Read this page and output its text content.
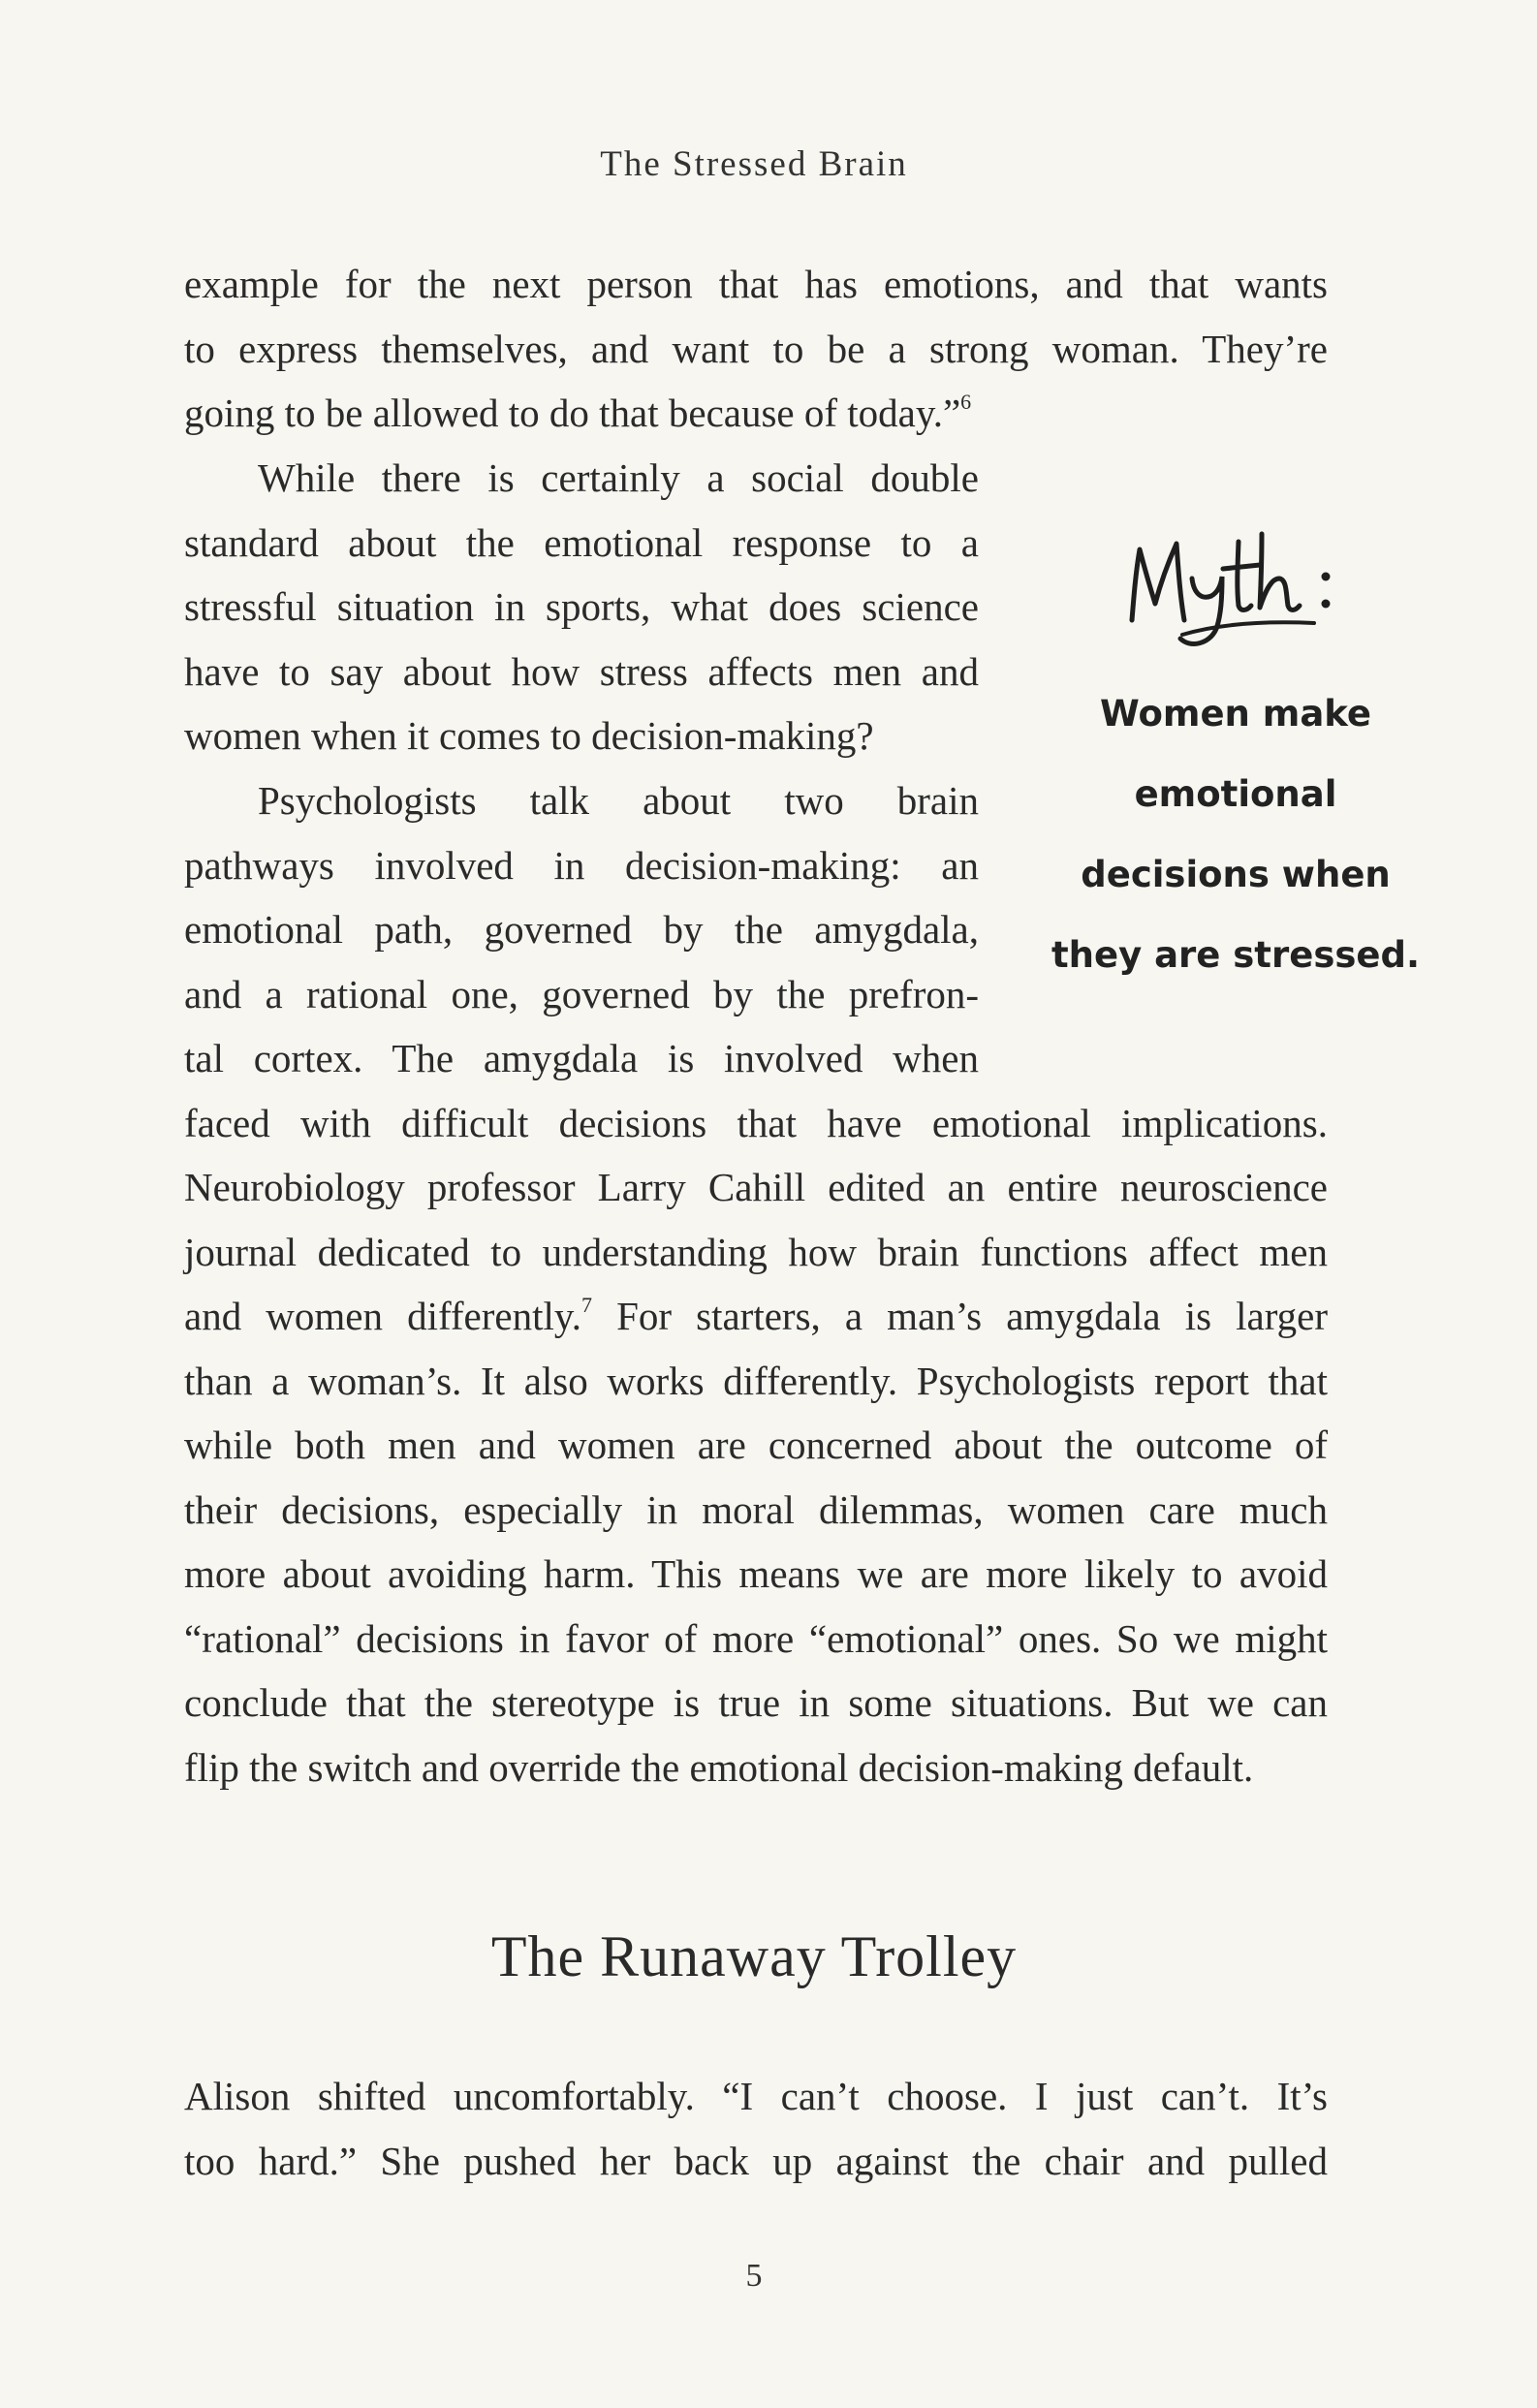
The Stressed Brain

example for the next person that has emotions, and that wants
to express themselves, and want to be a strong woman. They’re
going to be allowed to do that because of today.”$^6$

While there is certainly a social double
standard about the emotional response to a
stressful situation in sports, what does science
have to say about how stress affects men and
women when it comes to decision-making?

Psychologists talk about two brain
pathways involved in decision-making: an
emotional path, governed by the amygdala,
and a rational one, governed by the prefron-
tal cortex. The amygdala is involved when
faced with difficult decisions that have emotional implications.
Neurobiology professor Larry Cahill edited an entire neuroscience
journal dedicated to understanding how brain functions affect men
and women differently.$^7$ For starters, a man’s amygdala is larger
than a woman’s. It also works differently. Psychologists report that
while both men and women are concerned about the outcome of
their decisions, especially in moral dilemmas, women care much
more about avoiding harm. This means we are more likely to avoid
“rational” decisions in favor of more “emotional” ones. So we might
conclude that the stereotype is true in some situations. But we can
flip the switch and override the emotional decision-making default.

Women make
emotional
decisions when
they are stressed.
The Runaway Trolley

Alison shifted uncomfortably. “I can’t choose. I just can’t. It’s
too hard.” She pushed her back up against the chair and pulled

5
